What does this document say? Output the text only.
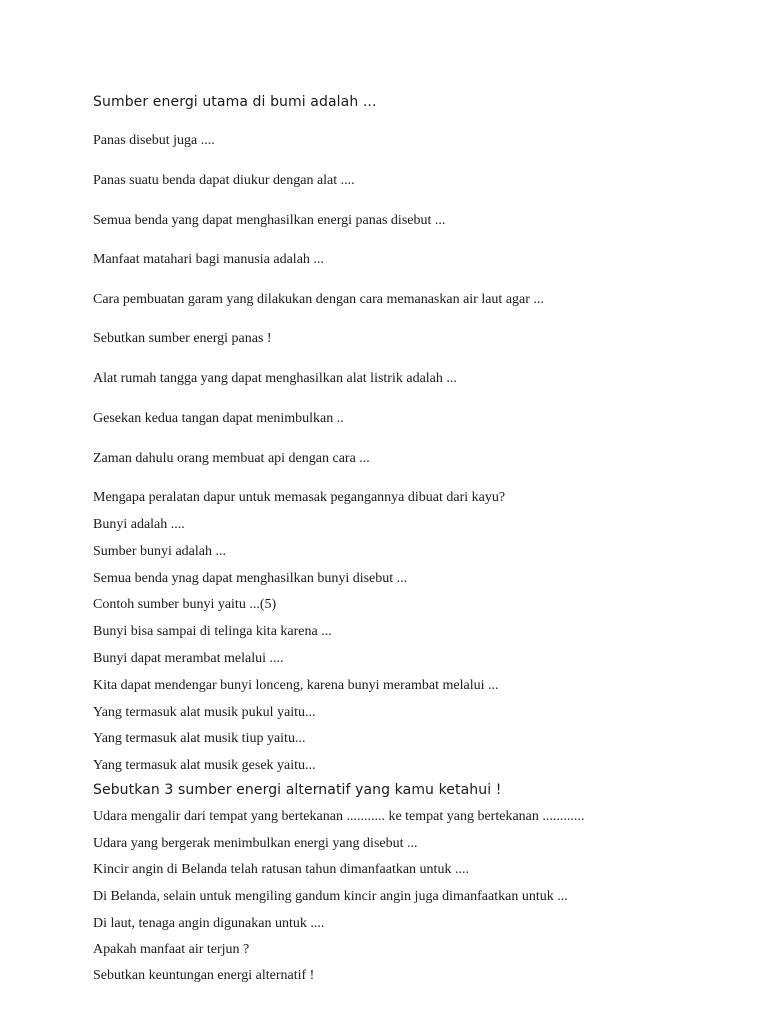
Sumber energi utama di bumi adalah ...
Panas disebut juga ....
Panas suatu benda dapat diukur dengan alat ....
Semua benda yang dapat menghasilkan energi panas disebut ...
Manfaat matahari bagi manusia adalah ...
Cara pembuatan garam yang dilakukan dengan cara memanaskan air laut agar ...
Sebutkan sumber energi panas !
Alat rumah tangga yang dapat menghasilkan alat listrik adalah ...
Gesekan kedua tangan dapat menimbulkan ..
Zaman dahulu orang membuat api dengan cara ...
Mengapa peralatan dapur untuk memasak pegangannya dibuat dari kayu?
Bunyi adalah ....
Sumber bunyi adalah ...
Semua benda ynag dapat menghasilkan bunyi disebut ...
Contoh sumber bunyi yaitu ...(5)
Bunyi bisa sampai di telinga kita karena ...
Bunyi dapat merambat melalui ....
Kita dapat mendengar bunyi lonceng, karena bunyi merambat melalui ...
Yang termasuk alat musik pukul yaitu...
Yang termasuk alat musik tiup yaitu...
Yang termasuk alat musik gesek yaitu...
Sebutkan 3 sumber energi alternatif yang kamu ketahui !
Udara mengalir dari tempat yang bertekanan ........... ke tempat yang bertekanan ............
Udara yang bergerak menimbulkan energi yang disebut ...
Kincir angin di Belanda telah ratusan tahun dimanfaatkan untuk ....
Di Belanda, selain untuk mengiling gandum kincir angin juga dimanfaatkan untuk ...
Di laut, tenaga angin digunakan untuk ....
Apakah manfaat air terjun ?
Sebutkan keuntungan energi alternatif !
